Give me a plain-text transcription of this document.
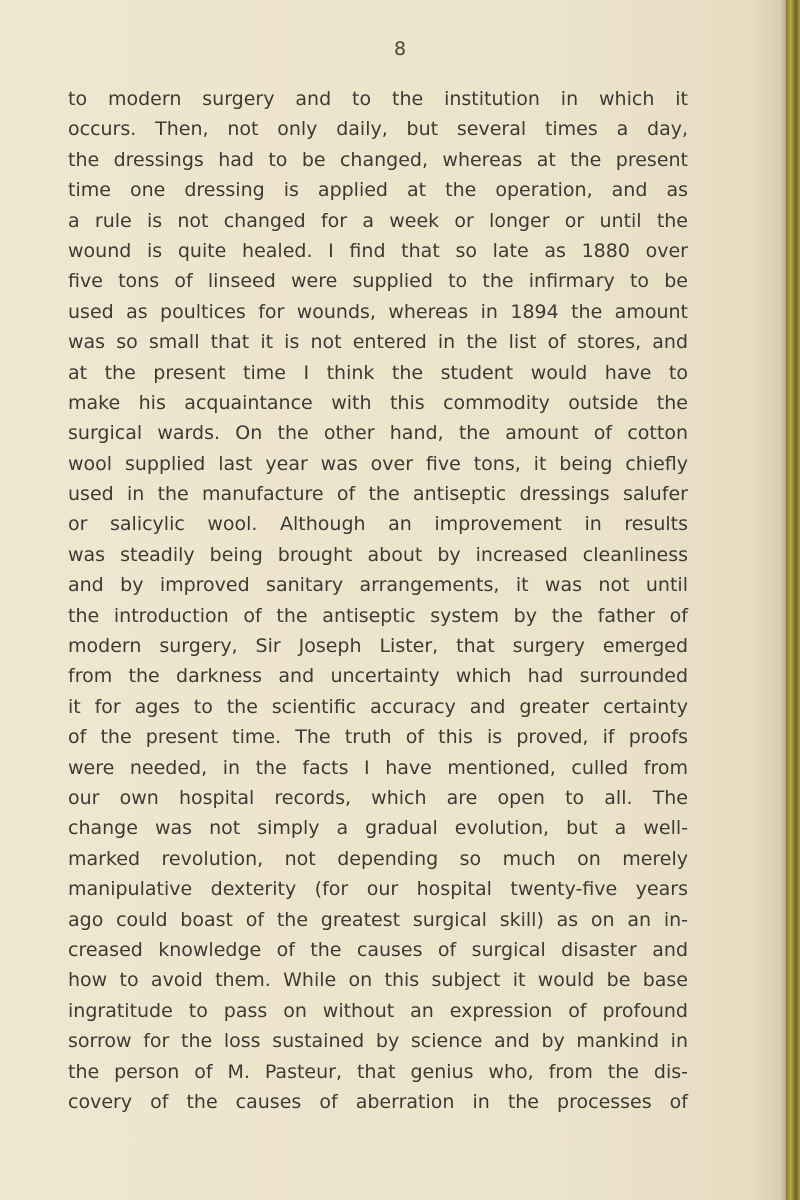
8
to modern surgery and to the institution in which it
occurs. Then, not only daily, but several times a day,
the dressings had to be changed, whereas at the present
time one dressing is applied at the operation, and as
a rule is not changed for a week or longer or until the
wound is quite healed. I find that so late as 1880 over
five tons of linseed were supplied to the infirmary to be
used as poultices for wounds, whereas in 1894 the amount
was so small that it is not entered in the list of stores, and
at the present time I think the student would have to
make his acquaintance with this commodity outside the
surgical wards. On the other hand, the amount of cotton
wool supplied last year was over five tons, it being chiefly
used in the manufacture of the antiseptic dressings salufer
or salicylic wool. Although an improvement in results
was steadily being brought about by increased cleanliness
and by improved sanitary arrangements, it was not until
the introduction of the antiseptic system by the father of
modern surgery, Sir Joseph Lister, that surgery emerged
from the darkness and uncertainty which had surrounded
it for ages to the scientific accuracy and greater certainty
of the present time. The truth of this is proved, if proofs
were needed, in the facts I have mentioned, culled from
our own hospital records, which are open to all. The
change was not simply a gradual evolution, but a well-
marked revolution, not depending so much on merely
manipulative dexterity (for our hospital twenty-five years
ago could boast of the greatest surgical skill) as on an in-
creased knowledge of the causes of surgical disaster and
how to avoid them. While on this subject it would be base
ingratitude to pass on without an expression of profound
sorrow for the loss sustained by science and by mankind in
the person of M. Pasteur, that genius who, from the dis-
covery of the causes of aberration in the processes of
